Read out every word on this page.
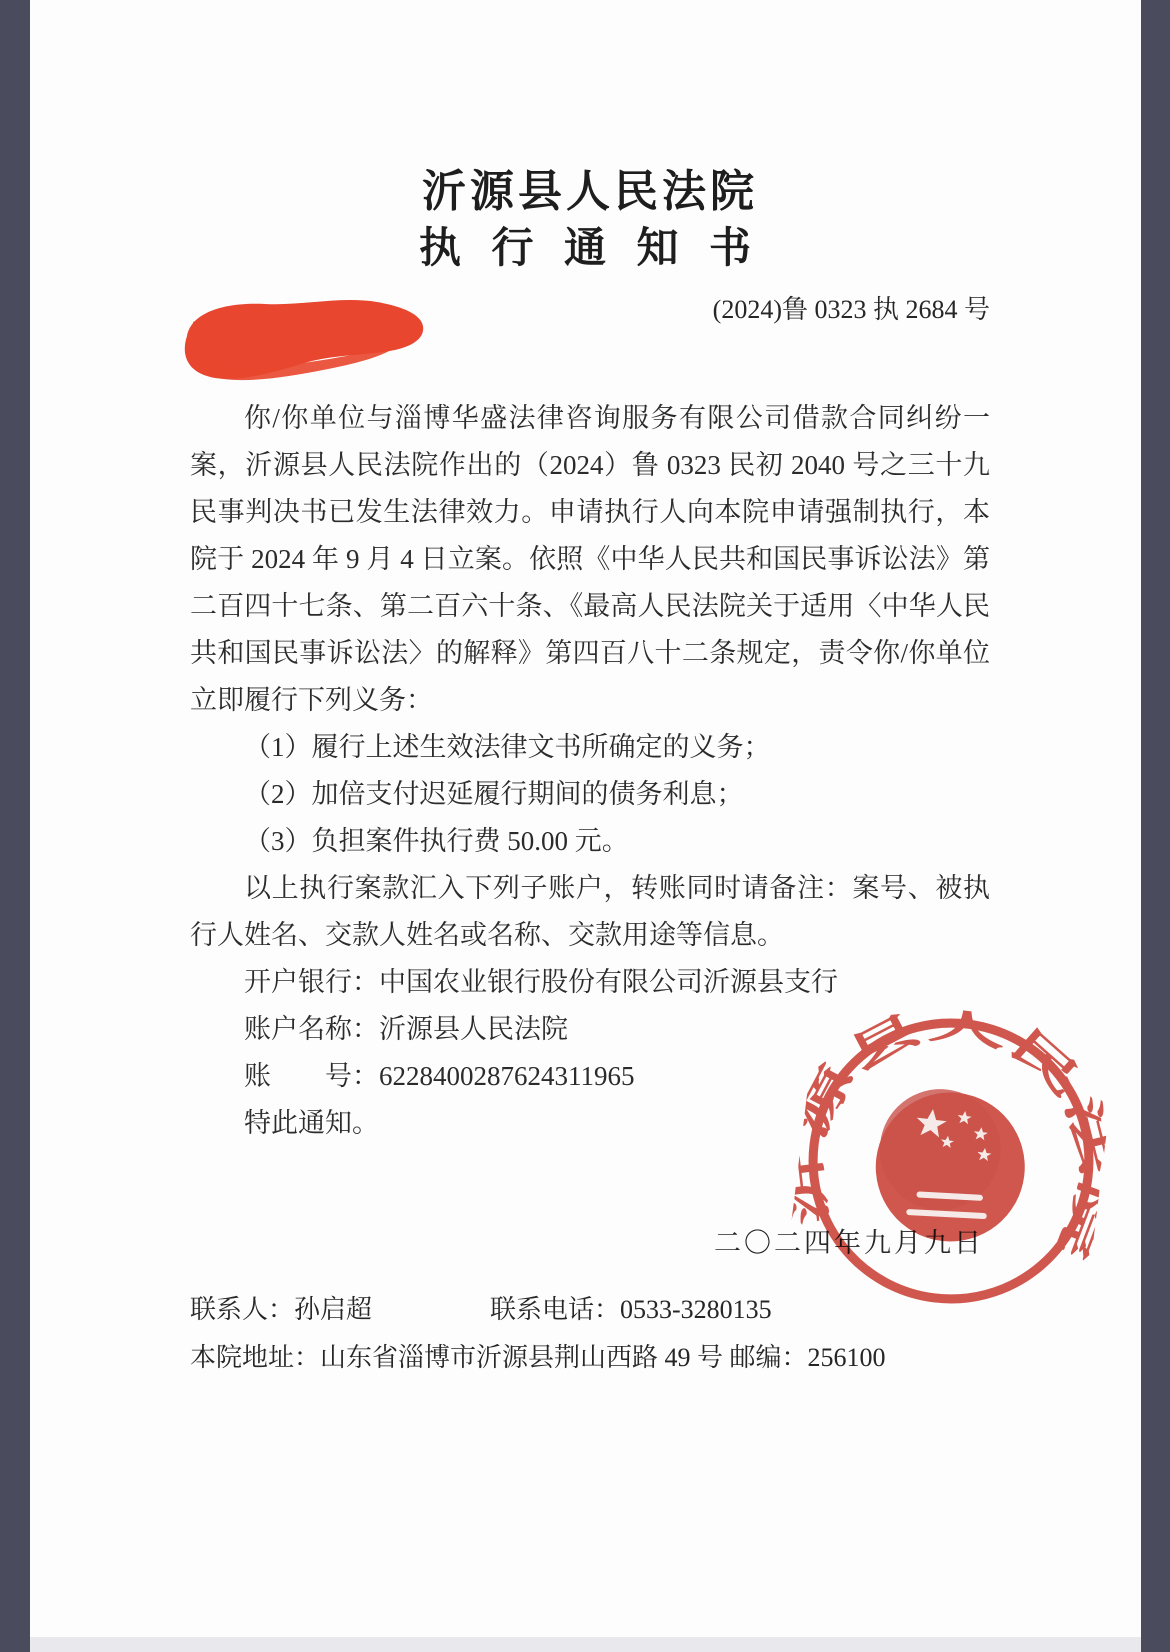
沂源县人民法院
沂源县人民法院
执 行 通 知 书
(2024)鲁 0323 执 2684 号

你/你单位与淄博华盛法律咨询服务有限公司借款合同纠纷一案，沂源县人民法院作出的（2024）鲁 0323 民初 2040 号之三十九民事判决书已发生法律效力。申请执行人向本院申请强制执行，本院于 2024 年 9 月 4 日立案。依照《中华人民共和国民事诉讼法》第二百四十七条、第二百六十条、《最高人民法院关于适用〈中华人民共和国民事诉讼法〉的解释》第四百八十二条规定，责令你/你单位立即履行下列义务：

（1）履行上述生效法律文书所确定的义务；

（2）加倍支付迟延履行期间的债务利息；

（3）负担案件执行费 50.00 元。

以上执行案款汇入下列子账户，转账同时请备注：案号、被执行人姓名、交款人姓名或名称、交款用途等信息。

开户银行：中国农业银行股份有限公司沂源县支行

账户名称：沂源县人民法院

账　　号：6228400287624311965

特此通知。

二〇二四年九月九日
联系人：孙启超	联系电话：0533-3280135
本院地址：山东省淄博市沂源县荆山西路 49 号 邮编：256100
